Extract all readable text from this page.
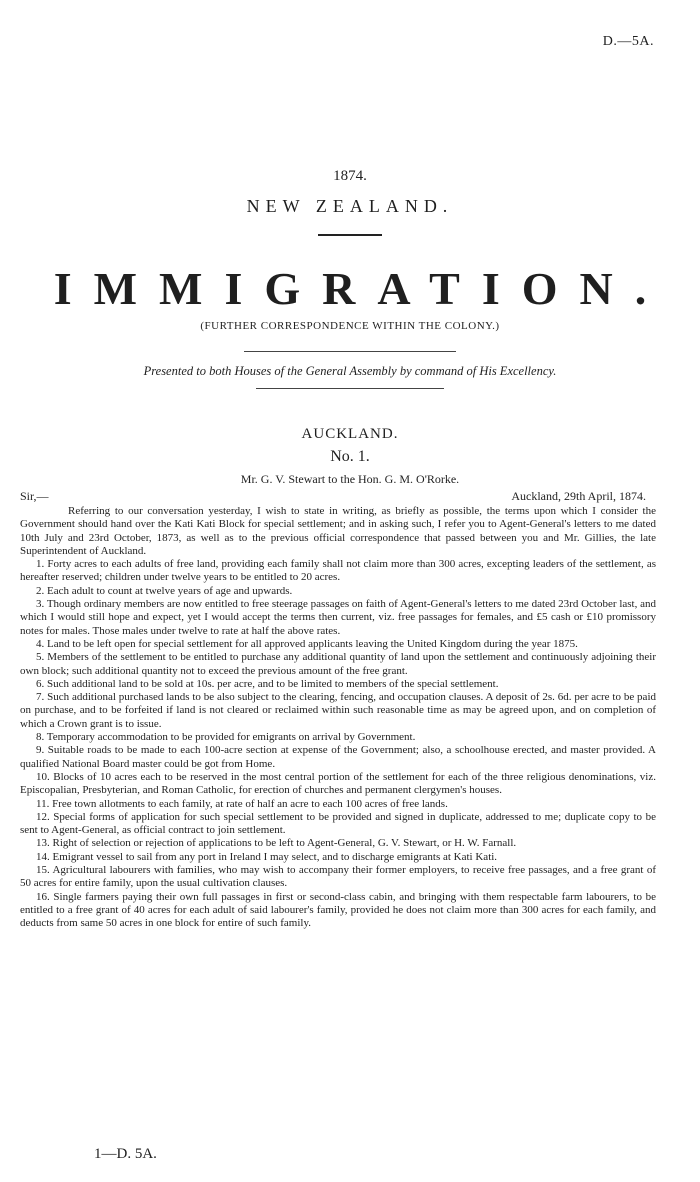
D.—5A.
1874.
NEW ZEALAND.
IMMIGRATION.
(FURTHER CORRESPONDENCE WITHIN THE COLONY.)
Presented to both Houses of the General Assembly by command of His Excellency.
AUCKLAND.
No. 1.
Mr. G. V. Stewart to the Hon. G. M. O'Rorke.
Sir,—	Auckland, 29th April, 1874.

Referring to our conversation yesterday, I wish to state in writing, as briefly as possible, the terms upon which I consider the Government should hand over the Kati Kati Block for special settlement; and in asking such, I refer you to Agent-General's letters to me dated 10th July and 23rd October, 1873, as well as to the previous official correspondence that passed between you and Mr. Gillies, the late Superintendent of Auckland.

1. Forty acres to each adults of free land, providing each family shall not claim more than 300 acres, excepting leaders of the settlement, as hereafter reserved; children under twelve years to be entitled to 20 acres.

2. Each adult to count at twelve years of age and upwards.

3. Though ordinary members are now entitled to free steerage passages on faith of Agent-General's letters to me dated 23rd October last, and which I would still hope and expect, yet I would accept the terms then current, viz. free passages for females, and £5 cash or £10 promissory notes for males. Those males under twelve to rate at half the above rates.

4. Land to be left open for special settlement for all approved applicants leaving the United Kingdom during the year 1875.

5. Members of the settlement to be entitled to purchase any additional quantity of land upon the settlement and continuously adjoining their own block; such additional quantity not to exceed the previous amount of the free grant.

6. Such additional land to be sold at 10s. per acre, and to be limited to members of the special settlement.

7. Such additional purchased lands to be also subject to the clearing, fencing, and occupation clauses. A deposit of 2s. 6d. per acre to be paid on purchase, and to be forfeited if land is not cleared or reclaimed within such reasonable time as may be agreed upon, and on completion of which a Crown grant is to issue.

8. Temporary accommodation to be provided for emigrants on arrival by Government.

9. Suitable roads to be made to each 100-acre section at expense of the Government; also, a schoolhouse erected, and master provided. A qualified National Board master could be got from Home.

10. Blocks of 10 acres each to be reserved in the most central portion of the settlement for each of the three religious denominations, viz. Episcopalian, Presbyterian, and Roman Catholic, for erection of churches and permanent clergymen's houses.

11. Free town allotments to each family, at rate of half an acre to each 100 acres of free lands.

12. Special forms of application for such special settlement to be provided and signed in duplicate, addressed to me; duplicate copy to be sent to Agent-General, as official contract to join settlement.

13. Right of selection or rejection of applications to be left to Agent-General, G. V. Stewart, or H. W. Farnall.

14. Emigrant vessel to sail from any port in Ireland I may select, and to discharge emigrants at Kati Kati.

15. Agricultural labourers with families, who may wish to accompany their former employers, to receive free passages, and a free grant of 50 acres for entire family, upon the usual cultivation clauses.

16. Single farmers paying their own full passages in first or second-class cabin, and bringing with them respectable farm labourers, to be entitled to a free grant of 40 acres for each adult of said labourer's family, provided he does not claim more than 300 acres for each family, and deducts from same 50 acres in one block for entire of such family.

1—D. 5A.
